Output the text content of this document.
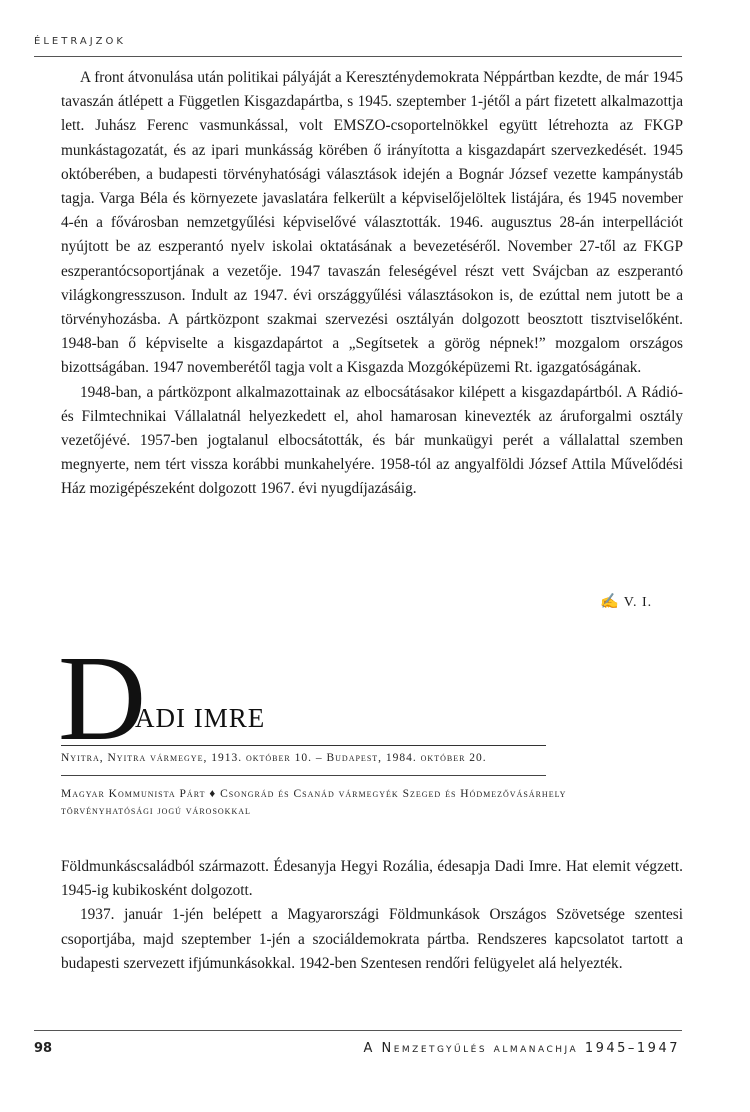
ÉLETRAJZOK

A front átvonulása után politikai pályáját a Kereszténydemokrata Néppártban kezdte, de már 1945 tavaszán átlépett a Független Kisgazdapártba, s 1945. szeptember 1-jétől a párt fizetett alkalmazottja lett. Juhász Ferenc vasmunkással, volt EMSZO-csoportelnökkel együtt létrehozta az FKGP munkástagozatát, és az ipari munkásság körében ő irányította a kisgazdapárt szervezkedését. 1945 októberében, a budapesti törvényhatósági választások idején a Bognár József vezette kampánystáb tagja. Varga Béla és környezete javaslatára felkerült a képviselőjelöltek listájára, és 1945 november 4-én a fővárosban nemzetgyűlési képviselővé választották. 1946. augusztus 28-án interpellációt nyújtott be az eszperantó nyelv iskolai oktatásának a bevezetéséről. November 27-től az FKGP eszperantócsoportjának a vezetője. 1947 tavaszán feleségével részt vett Svájcban az eszperantó világkongresszuson. Indult az 1947. évi országgyűlési választásokon is, de ezúttal nem jutott be a törvényhozásba. A pártközpont szakmai szervezési osztályán dolgozott beosztott tisztviselőként. 1948-ban ő képviselte a kisgazdapártot a „Segítsetek a görög népnek!” mozgalom országos bizottságában. 1947 novemberétől tagja volt a Kisgazda Mozgóképüzemi Rt. igazgatóságának.

1948-ban, a pártközpont alkalmazottainak az elbocsátásakor kilépett a kisgazdapártból. A Rádió- és Filmtechnikai Vállalatnál helyezkedett el, ahol hamarosan kinevezték az áruforgalmi osztály vezetőjévé. 1957-ben jogtalanul elbocsátották, és bár munkaügyi perét a vállalattal szemben megnyerte, nem tért vissza korábbi munkahelyére. 1958-tól az angyalföldi József Attila Művelődési Ház mozigépészeként dolgozott 1967. évi nyugdíjazásáig.

✍ V. I.
D
ADI IMRE
Nyitra, Nyitra vármegye, 1913. október 10. – Budapest, 1984. október 20.
Magyar Kommunista Párt ♦ Csongrád és Csanád vármegyék Szeged és Hódmezővásárhely
törvényhatósági jogú városokkal

Földmunkáscsaládból származott. Édesanyja Hegyi Rozália, édesapja Dadi Imre. Hat elemit végzett. 1945-ig kubikosként dolgozott.

1937. január 1-jén belépett a Magyarországi Földmunkások Országos Szövetsége szentesi csoportjába, majd szeptember 1-jén a szociáldemokrata pártba. Rendszeres kapcsolatot tartott a budapesti szervezett ifjúmunkásokkal. 1942-ben Szentesen rendőri felügyelet alá helyezték.

98	A Nemzetgyűlés almanachja 1945–1947
